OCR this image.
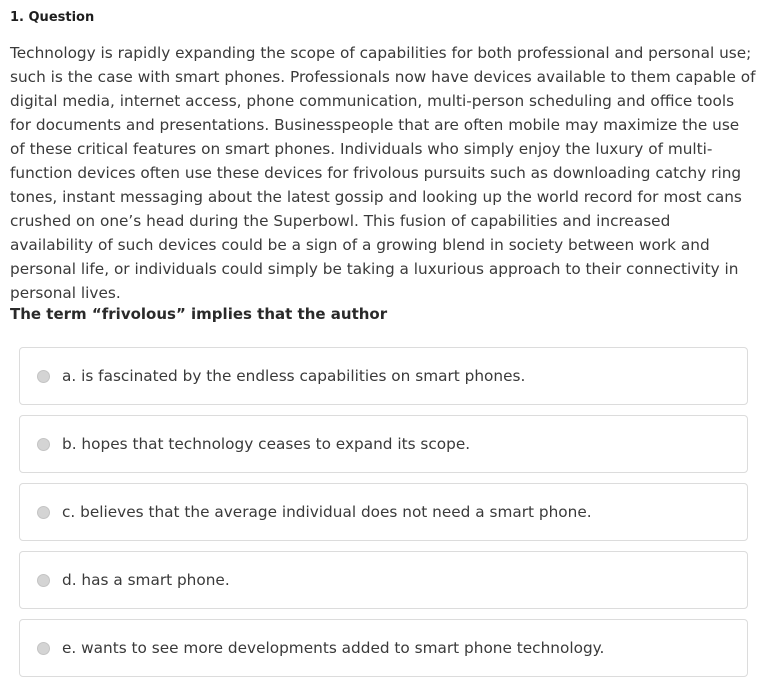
1. Question

Technology is rapidly expanding the scope of capabilities for both professional and personal use; such is the case with smart phones. Professionals now have devices available to them capable of digital media, internet access, phone communication, multi-person scheduling and office tools for documents and presentations. Businesspeople that are often mobile may maximize the use of these critical features on smart phones. Individuals who simply enjoy the luxury of multi-function devices often use these devices for frivolous pursuits such as downloading catchy ring tones, instant messaging about the latest gossip and looking up the world record for most cans crushed on one’s head during the Superbowl. This fusion of capabilities and increased availability of such devices could be a sign of a growing blend in society between work and personal life, or individuals could simply be taking a luxurious approach to their connectivity in personal lives.

The term “frivolous” implies that the author
a. is fascinated by the endless capabilities on smart phones.
b. hopes that technology ceases to expand its scope.
c. believes that the average individual does not need a smart phone.
d. has a smart phone.
e. wants to see more developments added to smart phone technology.
